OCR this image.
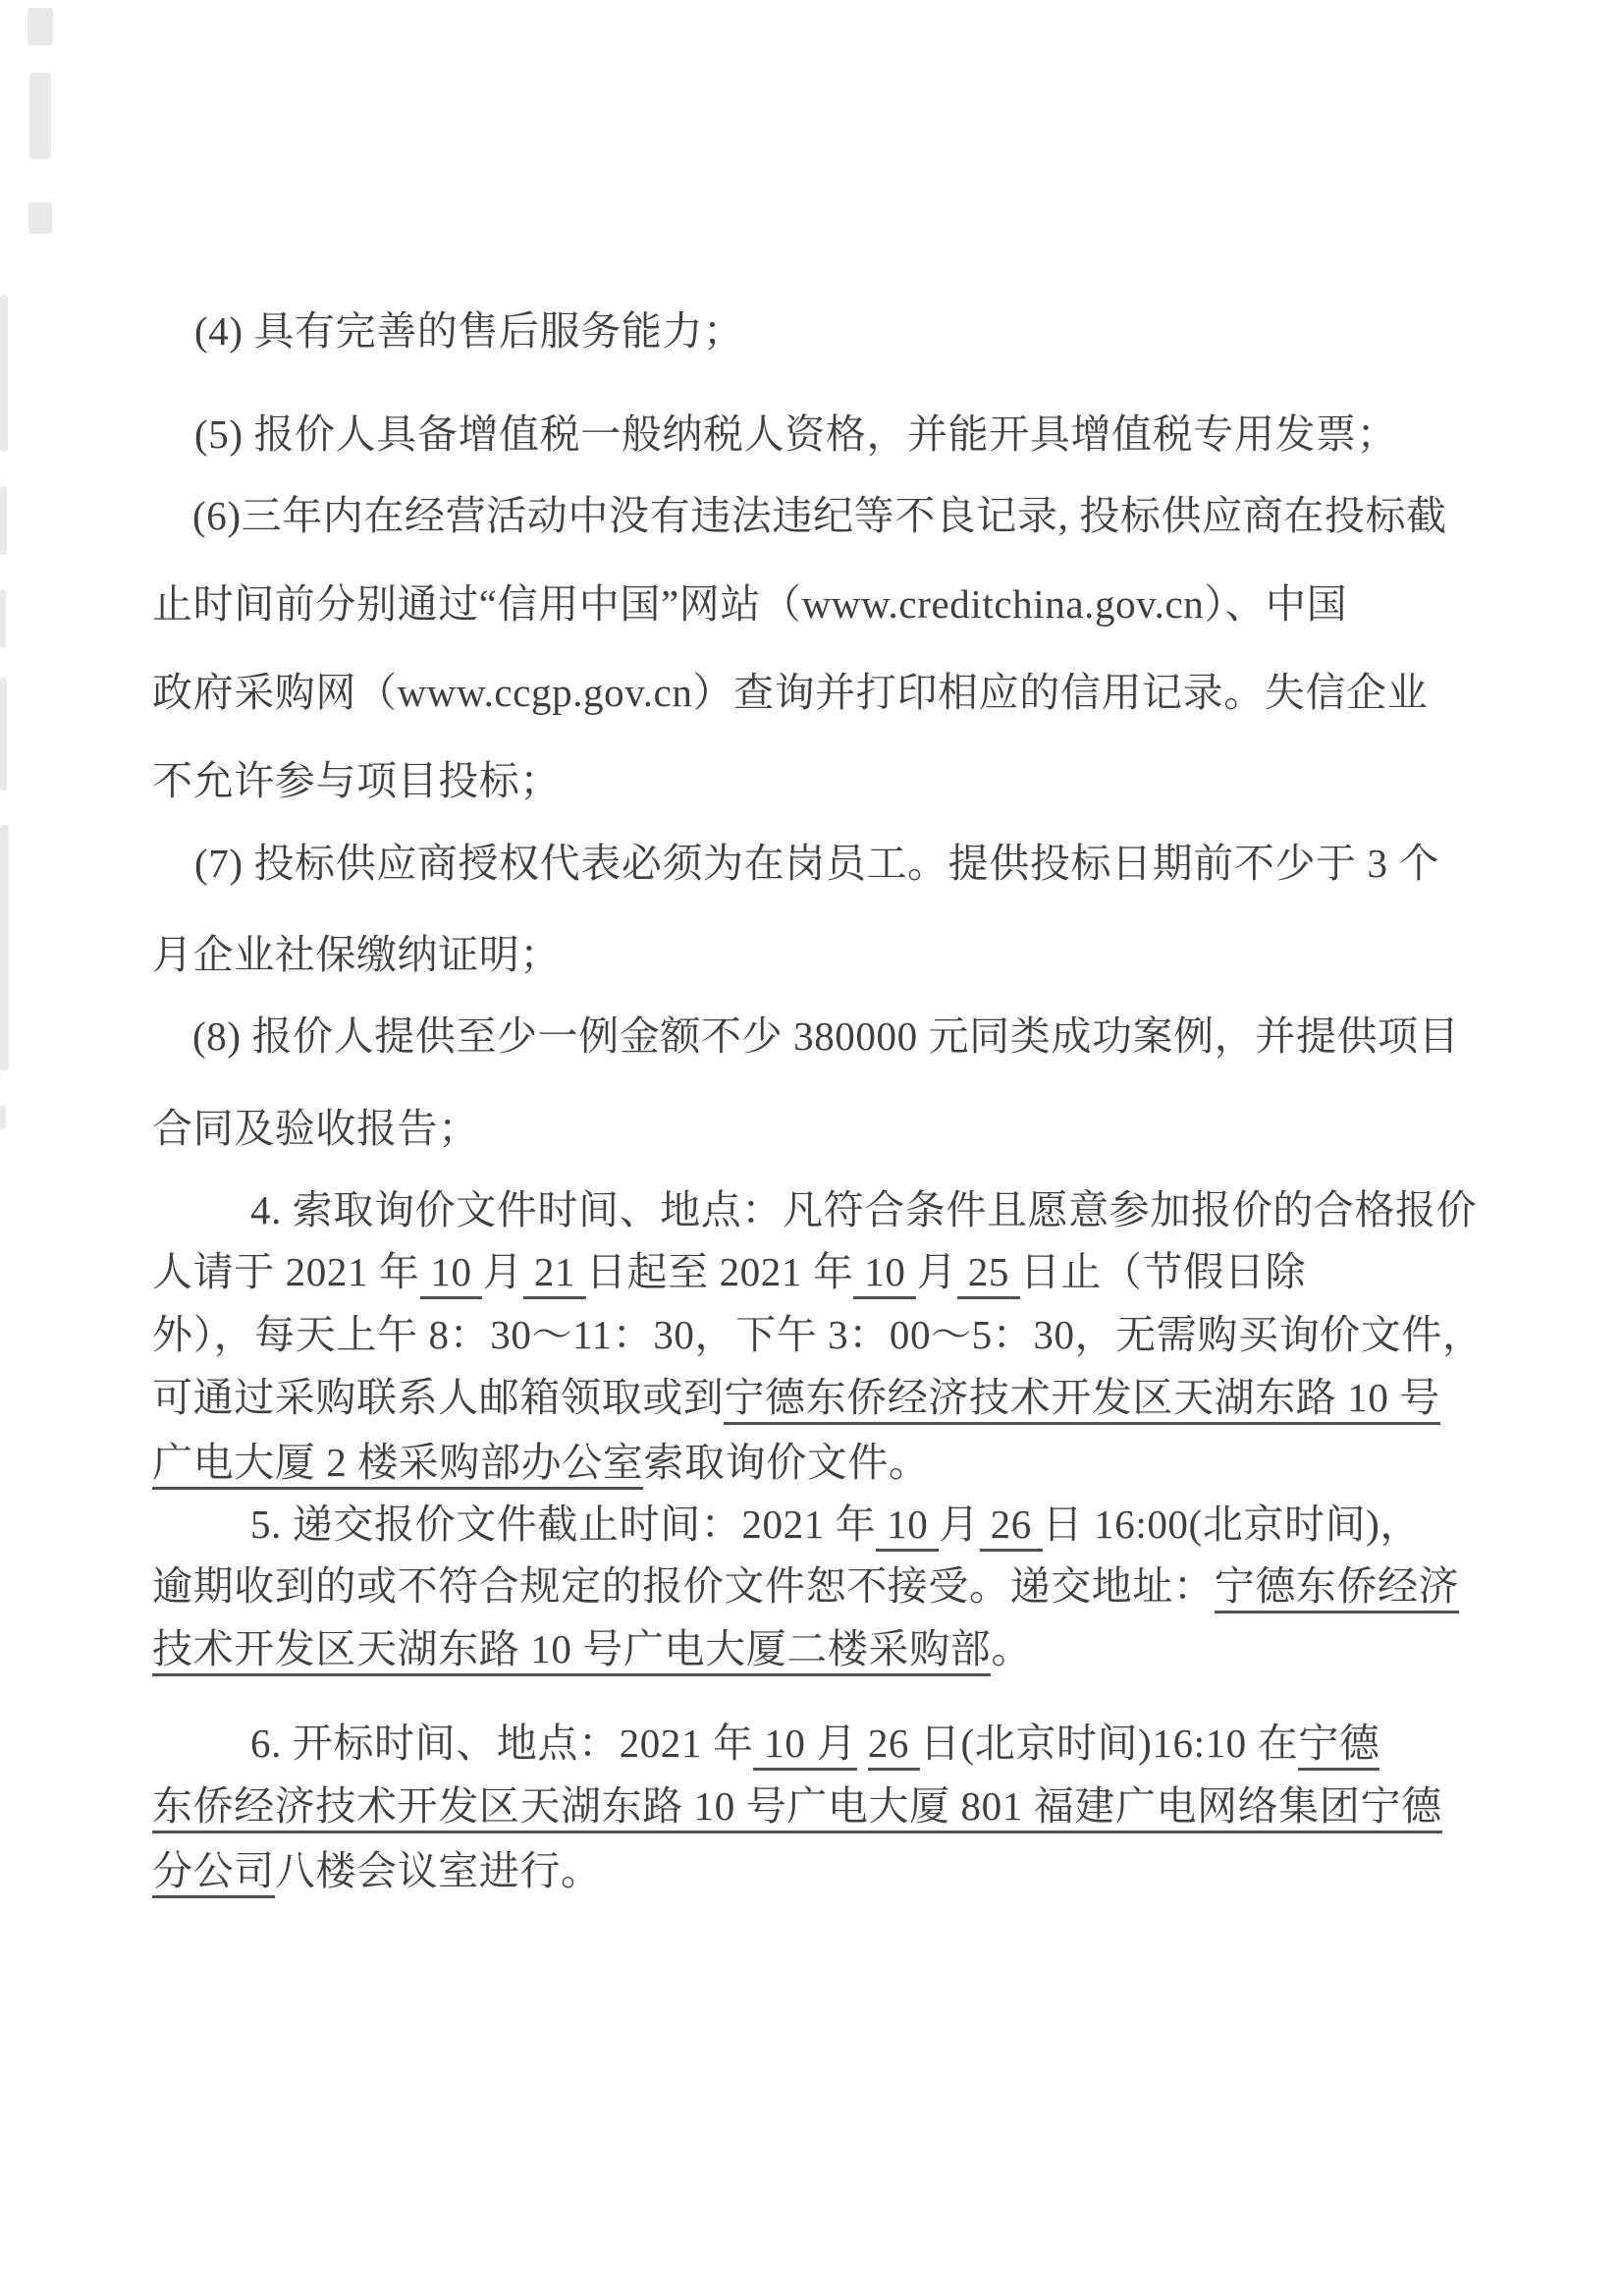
(4) 具有完善的售后服务能力；
(5) 报价人具备增值税一般纳税人资格，并能开具增值税专用发票；
(6)三年内在经营活动中没有违法违纪等不良记录, 投标供应商在投标截
止时间前分别通过“信用中国”网站（www.creditchina.gov.cn）、中国
政府采购网（www.ccgp.gov.cn）查询并打印相应的信用记录。失信企业
不允许参与项目投标；
(7) 投标供应商授权代表必须为在岗员工。提供投标日期前不少于 3 个
月企业社保缴纳证明；
(8) 报价人提供至少一例金额不少 380000 元同类成功案例，并提供项目
合同及验收报告；
4. 索取询价文件时间、地点：凡符合条件且愿意参加报价的合格报价
人请于 2021 年 10 月 21 日起至 2021 年 10 月 25 日止（节假日除
外），每天上午 8：30～11：30，下午 3：00～5：30，无需购买询价文件，
可通过采购联系人邮箱领取或到宁德东侨经济技术开发区天湖东路 10 号
广电大厦 2 楼采购部办公室索取询价文件。
5. 递交报价文件截止时间：2021 年 10 月 26 日 16:00(北京时间)，
逾期收到的或不符合规定的报价文件恕不接受。递交地址：宁德东侨经济
技术开发区天湖东路 10 号广电大厦二楼采购部。
6. 开标时间、地点：2021 年 10 月 26 日(北京时间)16:10 在宁德
东侨经济技术开发区天湖东路 10 号广电大厦 801 福建广电网络集团宁德
分公司八楼会议室进行。
